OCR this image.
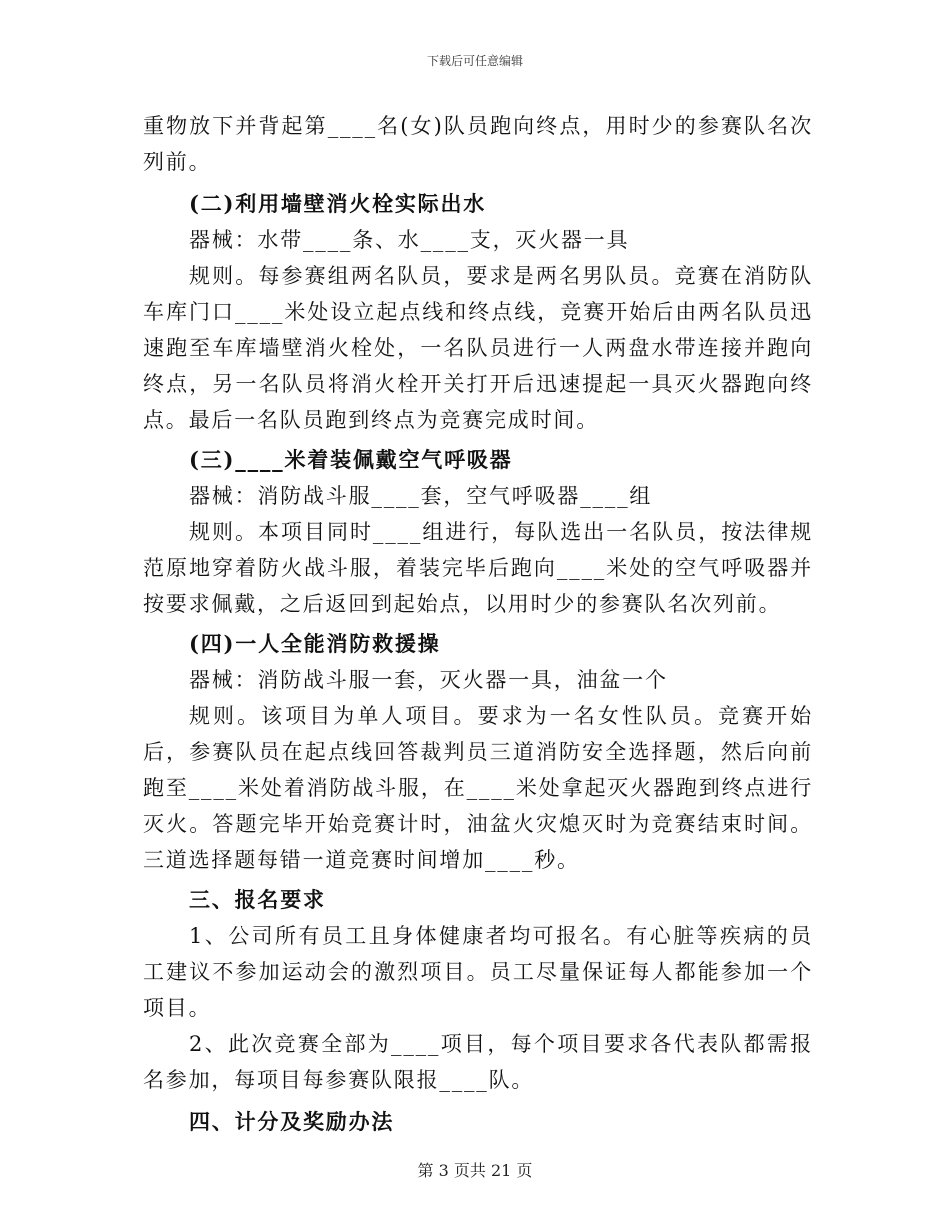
下载后可任意编辑

重物放下并背起第____名(女)队员跑向终点，用时少的参赛队名次列前。

(二)利用墙壁消火栓实际出水

器械：水带____条、水____支，灭火器一具

规则。每参赛组两名队员，要求是两名男队员。竞赛在消防队车库门口____米处设立起点线和终点线，竞赛开始后由两名队员迅速跑至车库墙壁消火栓处，一名队员进行一人两盘水带连接并跑向终点，另一名队员将消火栓开关打开后迅速提起一具灭火器跑向终点。最后一名队员跑到终点为竞赛完成时间。

(三)____米着装佩戴空气呼吸器

器械：消防战斗服____套，空气呼吸器____组

规则。本项目同时____组进行，每队选出一名队员，按法律规范原地穿着防火战斗服，着装完毕后跑向____米处的空气呼吸器并按要求佩戴，之后返回到起始点，以用时少的参赛队名次列前。

(四)一人全能消防救援操

器械：消防战斗服一套，灭火器一具，油盆一个

规则。该项目为单人项目。要求为一名女性队员。竞赛开始后，参赛队员在起点线回答裁判员三道消防安全选择题，然后向前跑至____米处着消防战斗服，在____米处拿起灭火器跑到终点进行灭火。答题完毕开始竞赛计时，油盆火灾熄灭时为竞赛结束时间。三道选择题每错一道竞赛时间增加____秒。

三、报名要求

1、公司所有员工且身体健康者均可报名。有心脏等疾病的员工建议不参加运动会的激烈项目。员工尽量保证每人都能参加一个项目。

2、此次竞赛全部为____项目，每个项目要求各代表队都需报名参加，每项目每参赛队限报____队。

四、计分及奖励办法

第 3 页共 21 页
